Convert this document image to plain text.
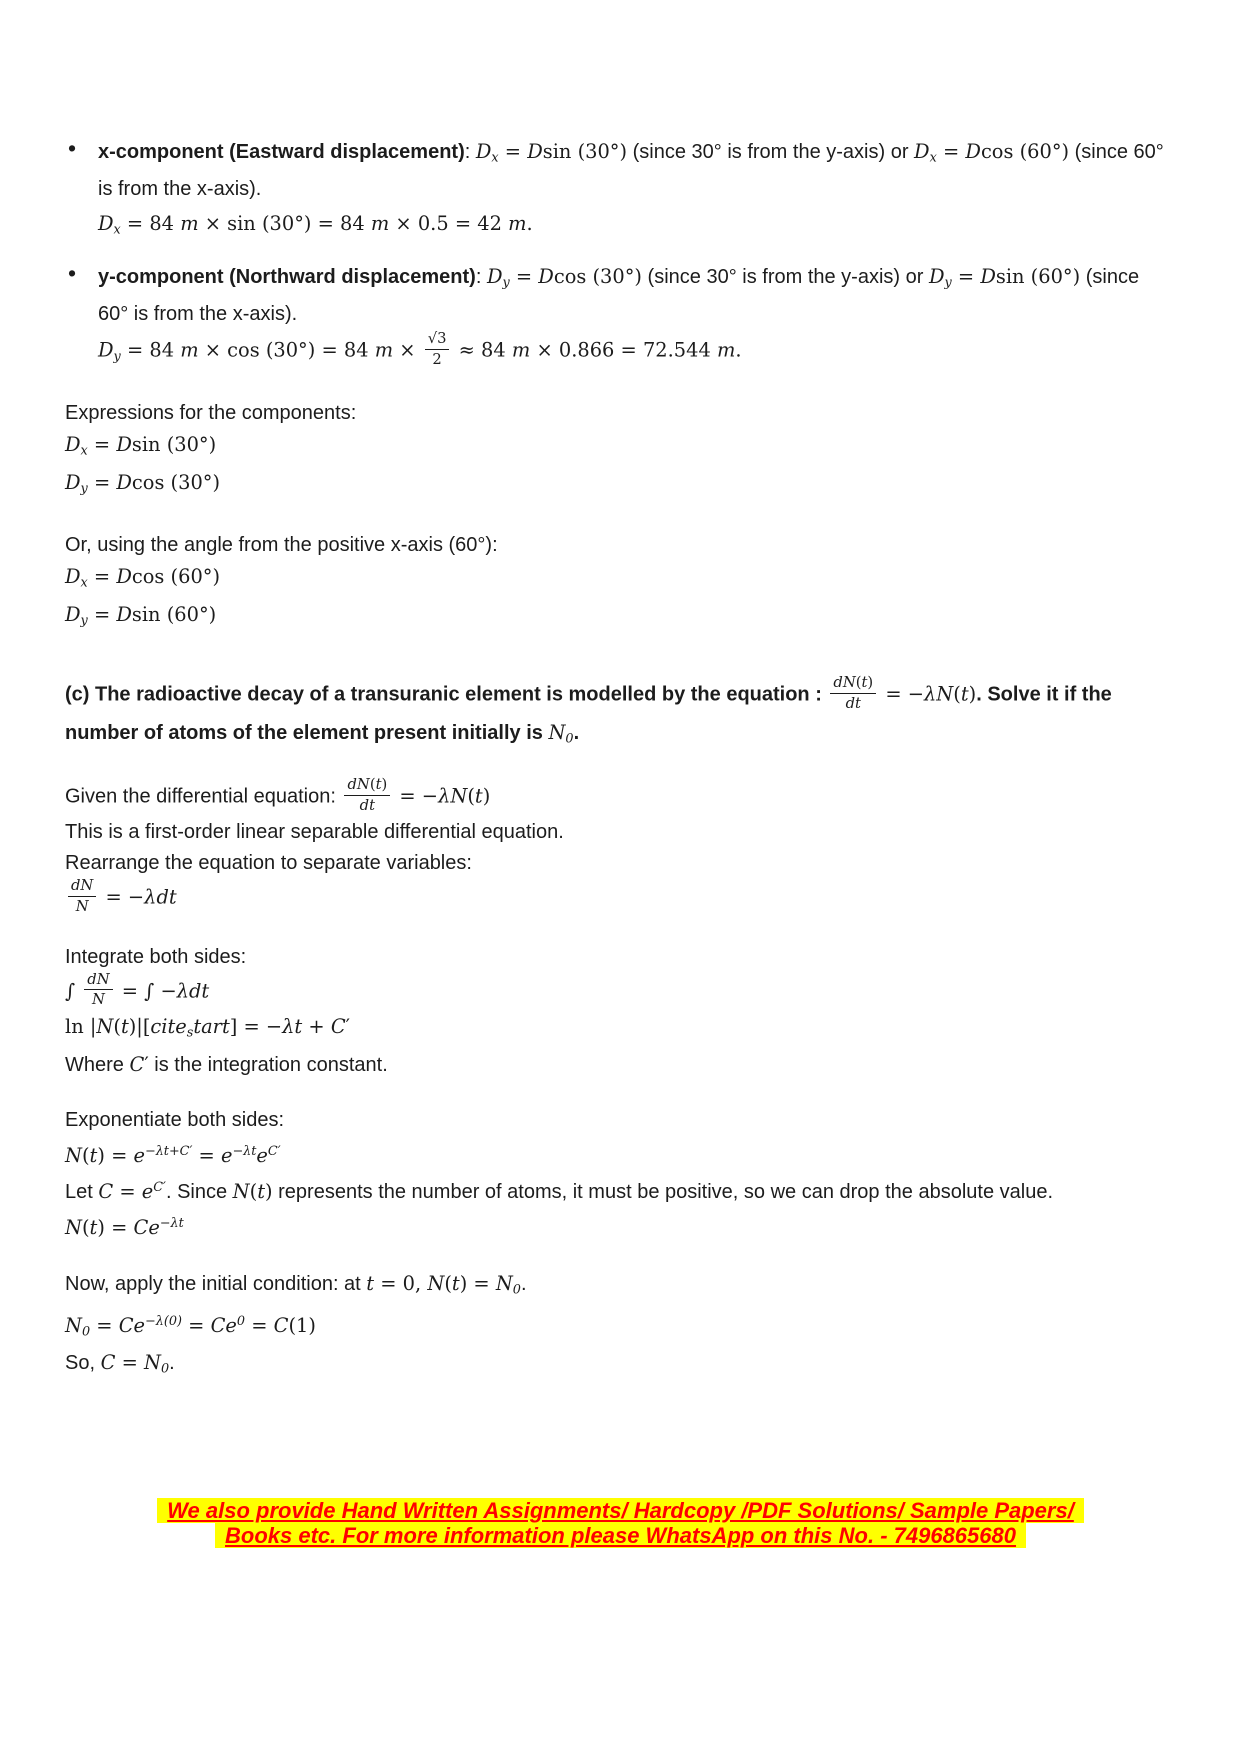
•

x-component (Eastward displacement): Dx = Dsin (30°) (since 30° is from the y-axis) or Dx = Dcos (60°) (since 60° is from the x-axis).

Dx = 84 m × sin (30°) = 84 m × 0.5 = 42 m.

•

y-component (Northward displacement): Dy = Dcos (30°) (since 30° is from the y-axis) or Dy = Dsin (60°) (since 60° is from the x-axis).

Dy = 84 m × cos (30°) = 84 $m \times \frac{√3}{2} \approx 84$ m × 0.866 = 72.544 m.

Expressions for the components:

Dx = Dsin (30°)

Dy = Dcos (30°)

Or, using the angle from the positive x-axis (60°):

Dx = Dcos (60°)

Dy = Dsin (60°)

(c) The radioactive decay of a transuranic element is modelled by the equation : $\frac{dN(t)}{dt} = -\lambda N(t)$. Solve it if the number of atoms of the element present initially is N0.

Given the differential equation: $\frac{dN(t)}{dt} = -\lambda N(t)$

This is a first-order linear separable differential equation.

Rearrange the equation to separate variables:

$\frac{dN}{N} = -\lambda dt$

Integrate both sides:

∫ $\frac{dN}{N}$ = ∫ −λdt

ln |N(t)|[citestart] = −λt + C′

Where C′ is the integration constant.

Exponentiate both sides:

$N(t) = e^{-\lambda t+C'} = e^{-\lambda t}e^{C'}$

Let $C = e^{C'}$. Since N(t) represents the number of atoms, it must be positive, so we can drop the absolute value.

$N(t) = Ce^{-\lambda t}$

Now, apply the initial condition: at t = 0, N(t) = N0.

$N0 = Ce^{-\lambda(0)} = Ce^0 = C(1)$

So, C = N0.

We also provide Hand Written Assignments/ Hardcopy /PDF Solutions/ Sample Papers/
Books etc. For more information please WhatsApp on this No. - 7496865680
